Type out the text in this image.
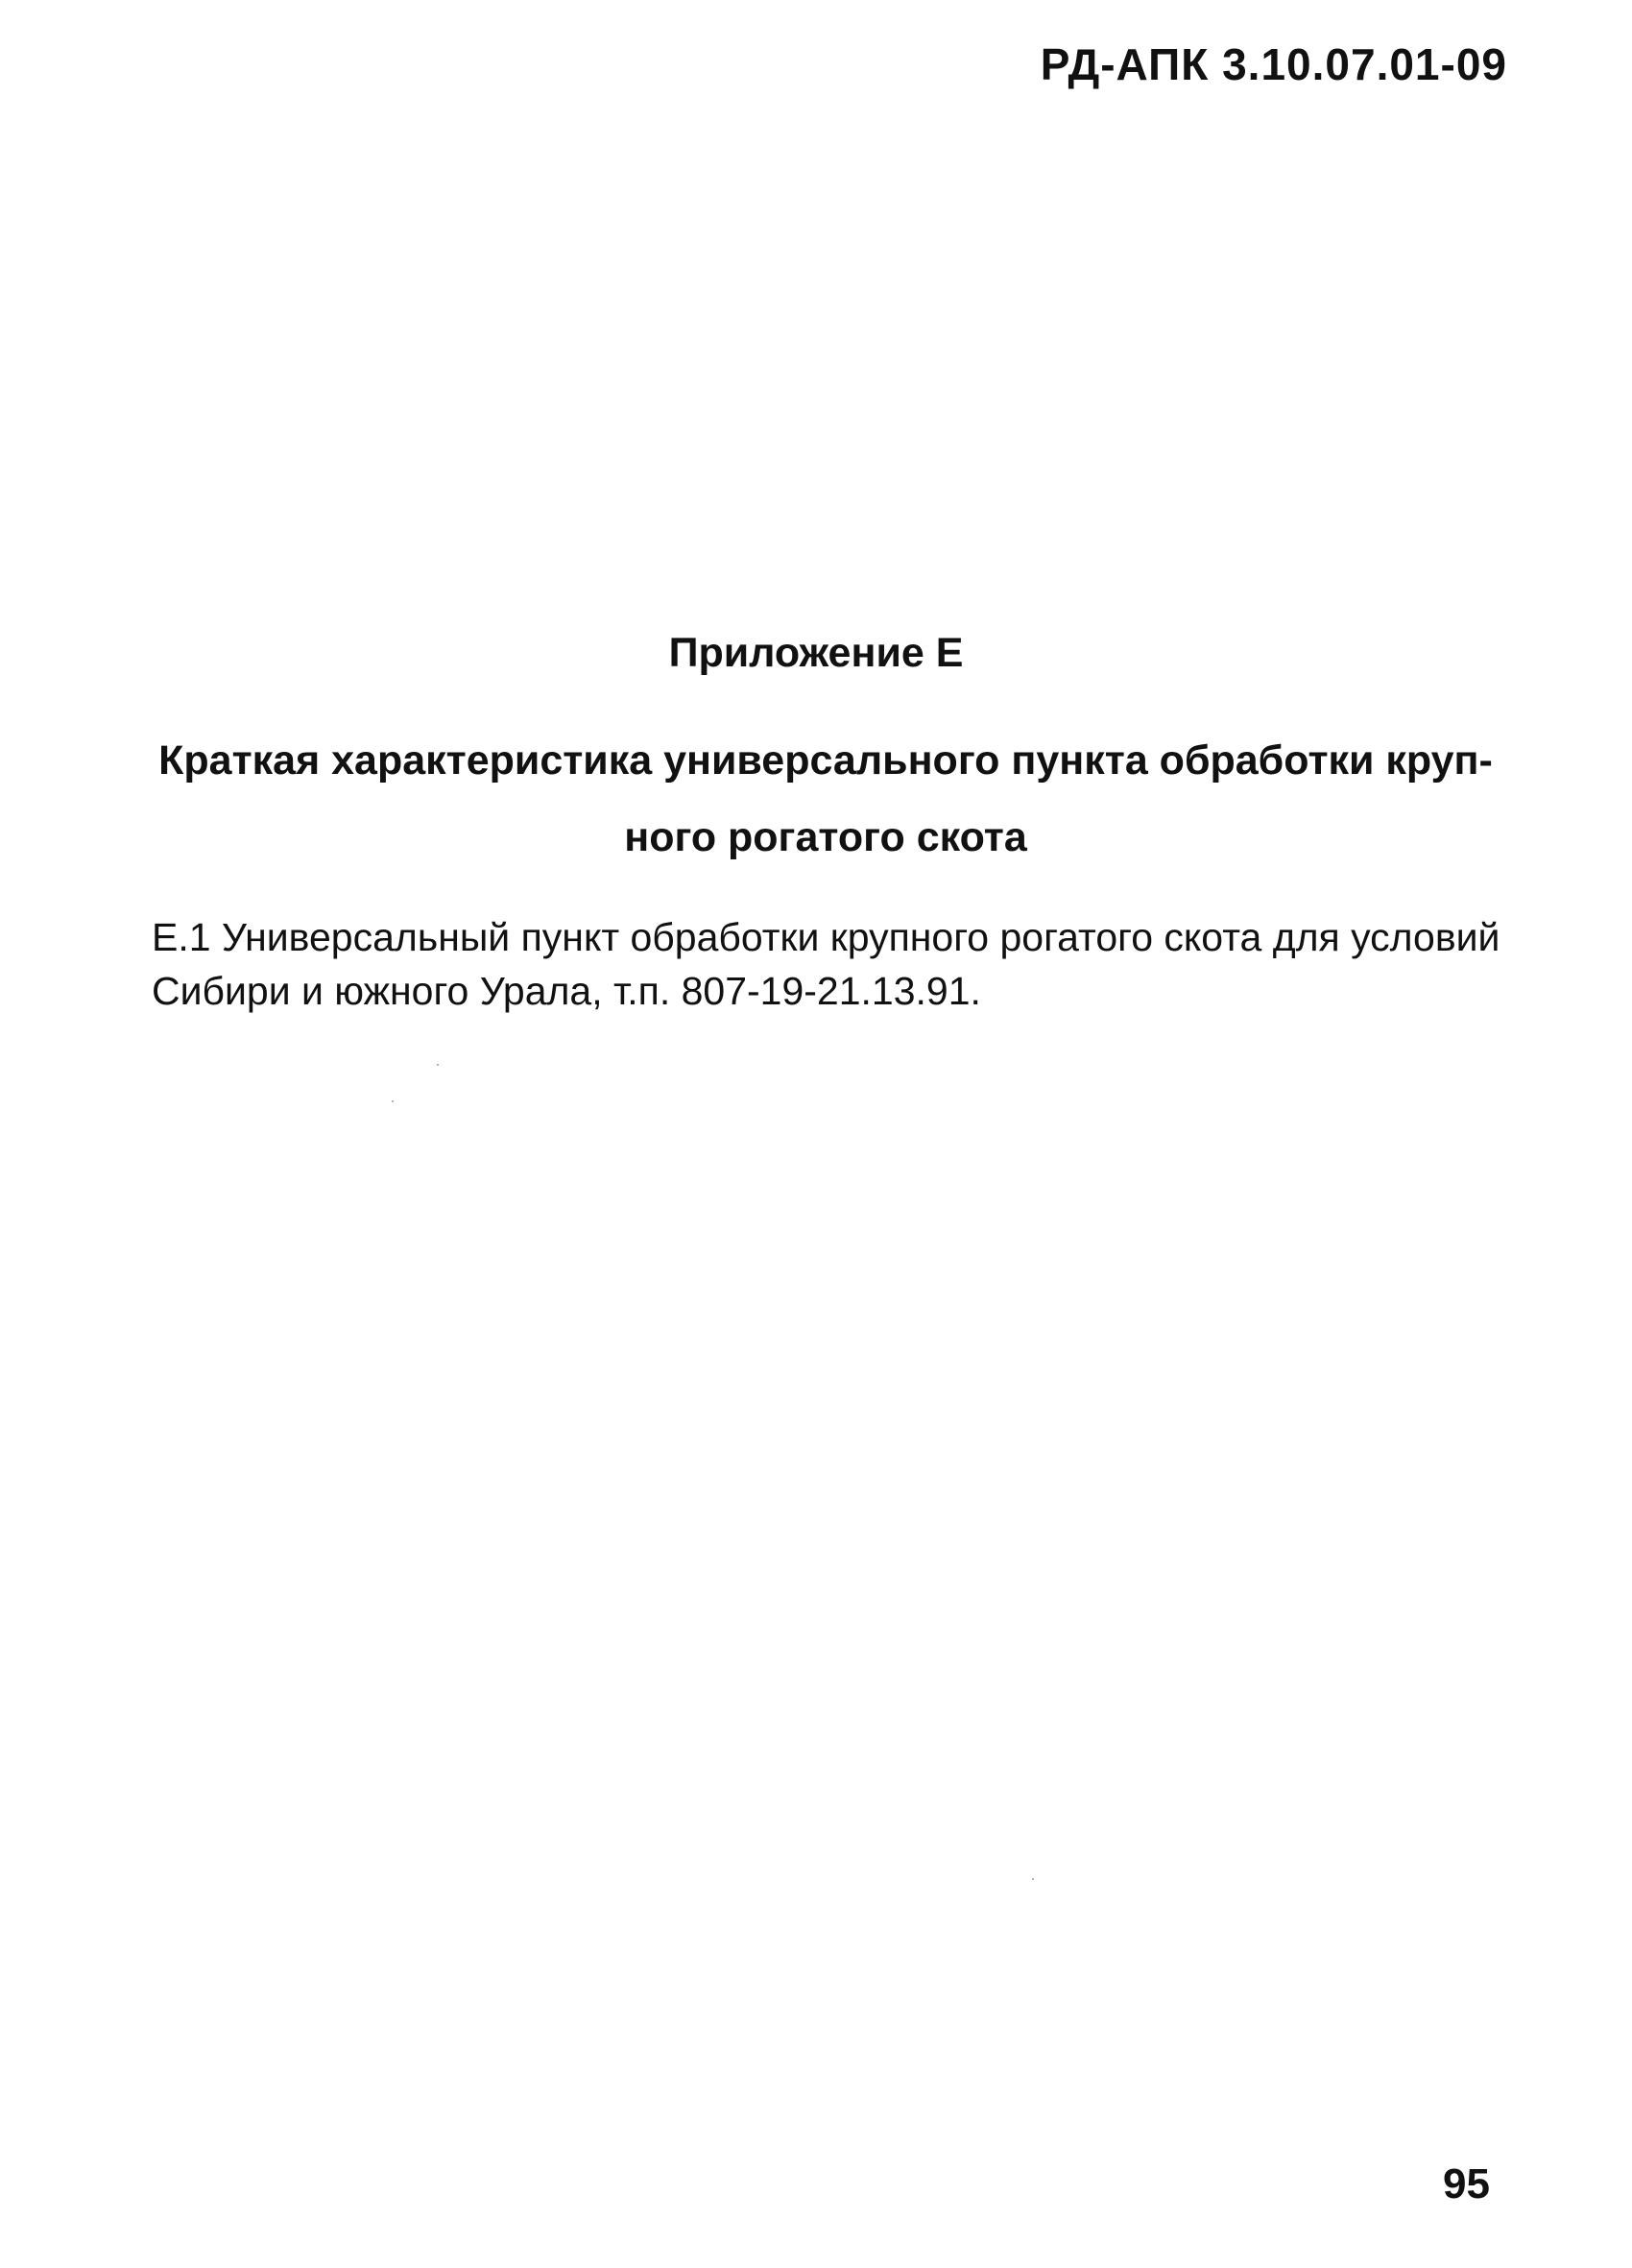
РД-АПК 3.10.07.01-09
Приложение Е
Краткая характеристика универсального пункта обработки круп-
ного рогатого скота
Е.1 Универсальный пункт обработки крупного рогатого скота для условий
Сибири и южного Урала, т.п. 807-19-21.13.91.
95
